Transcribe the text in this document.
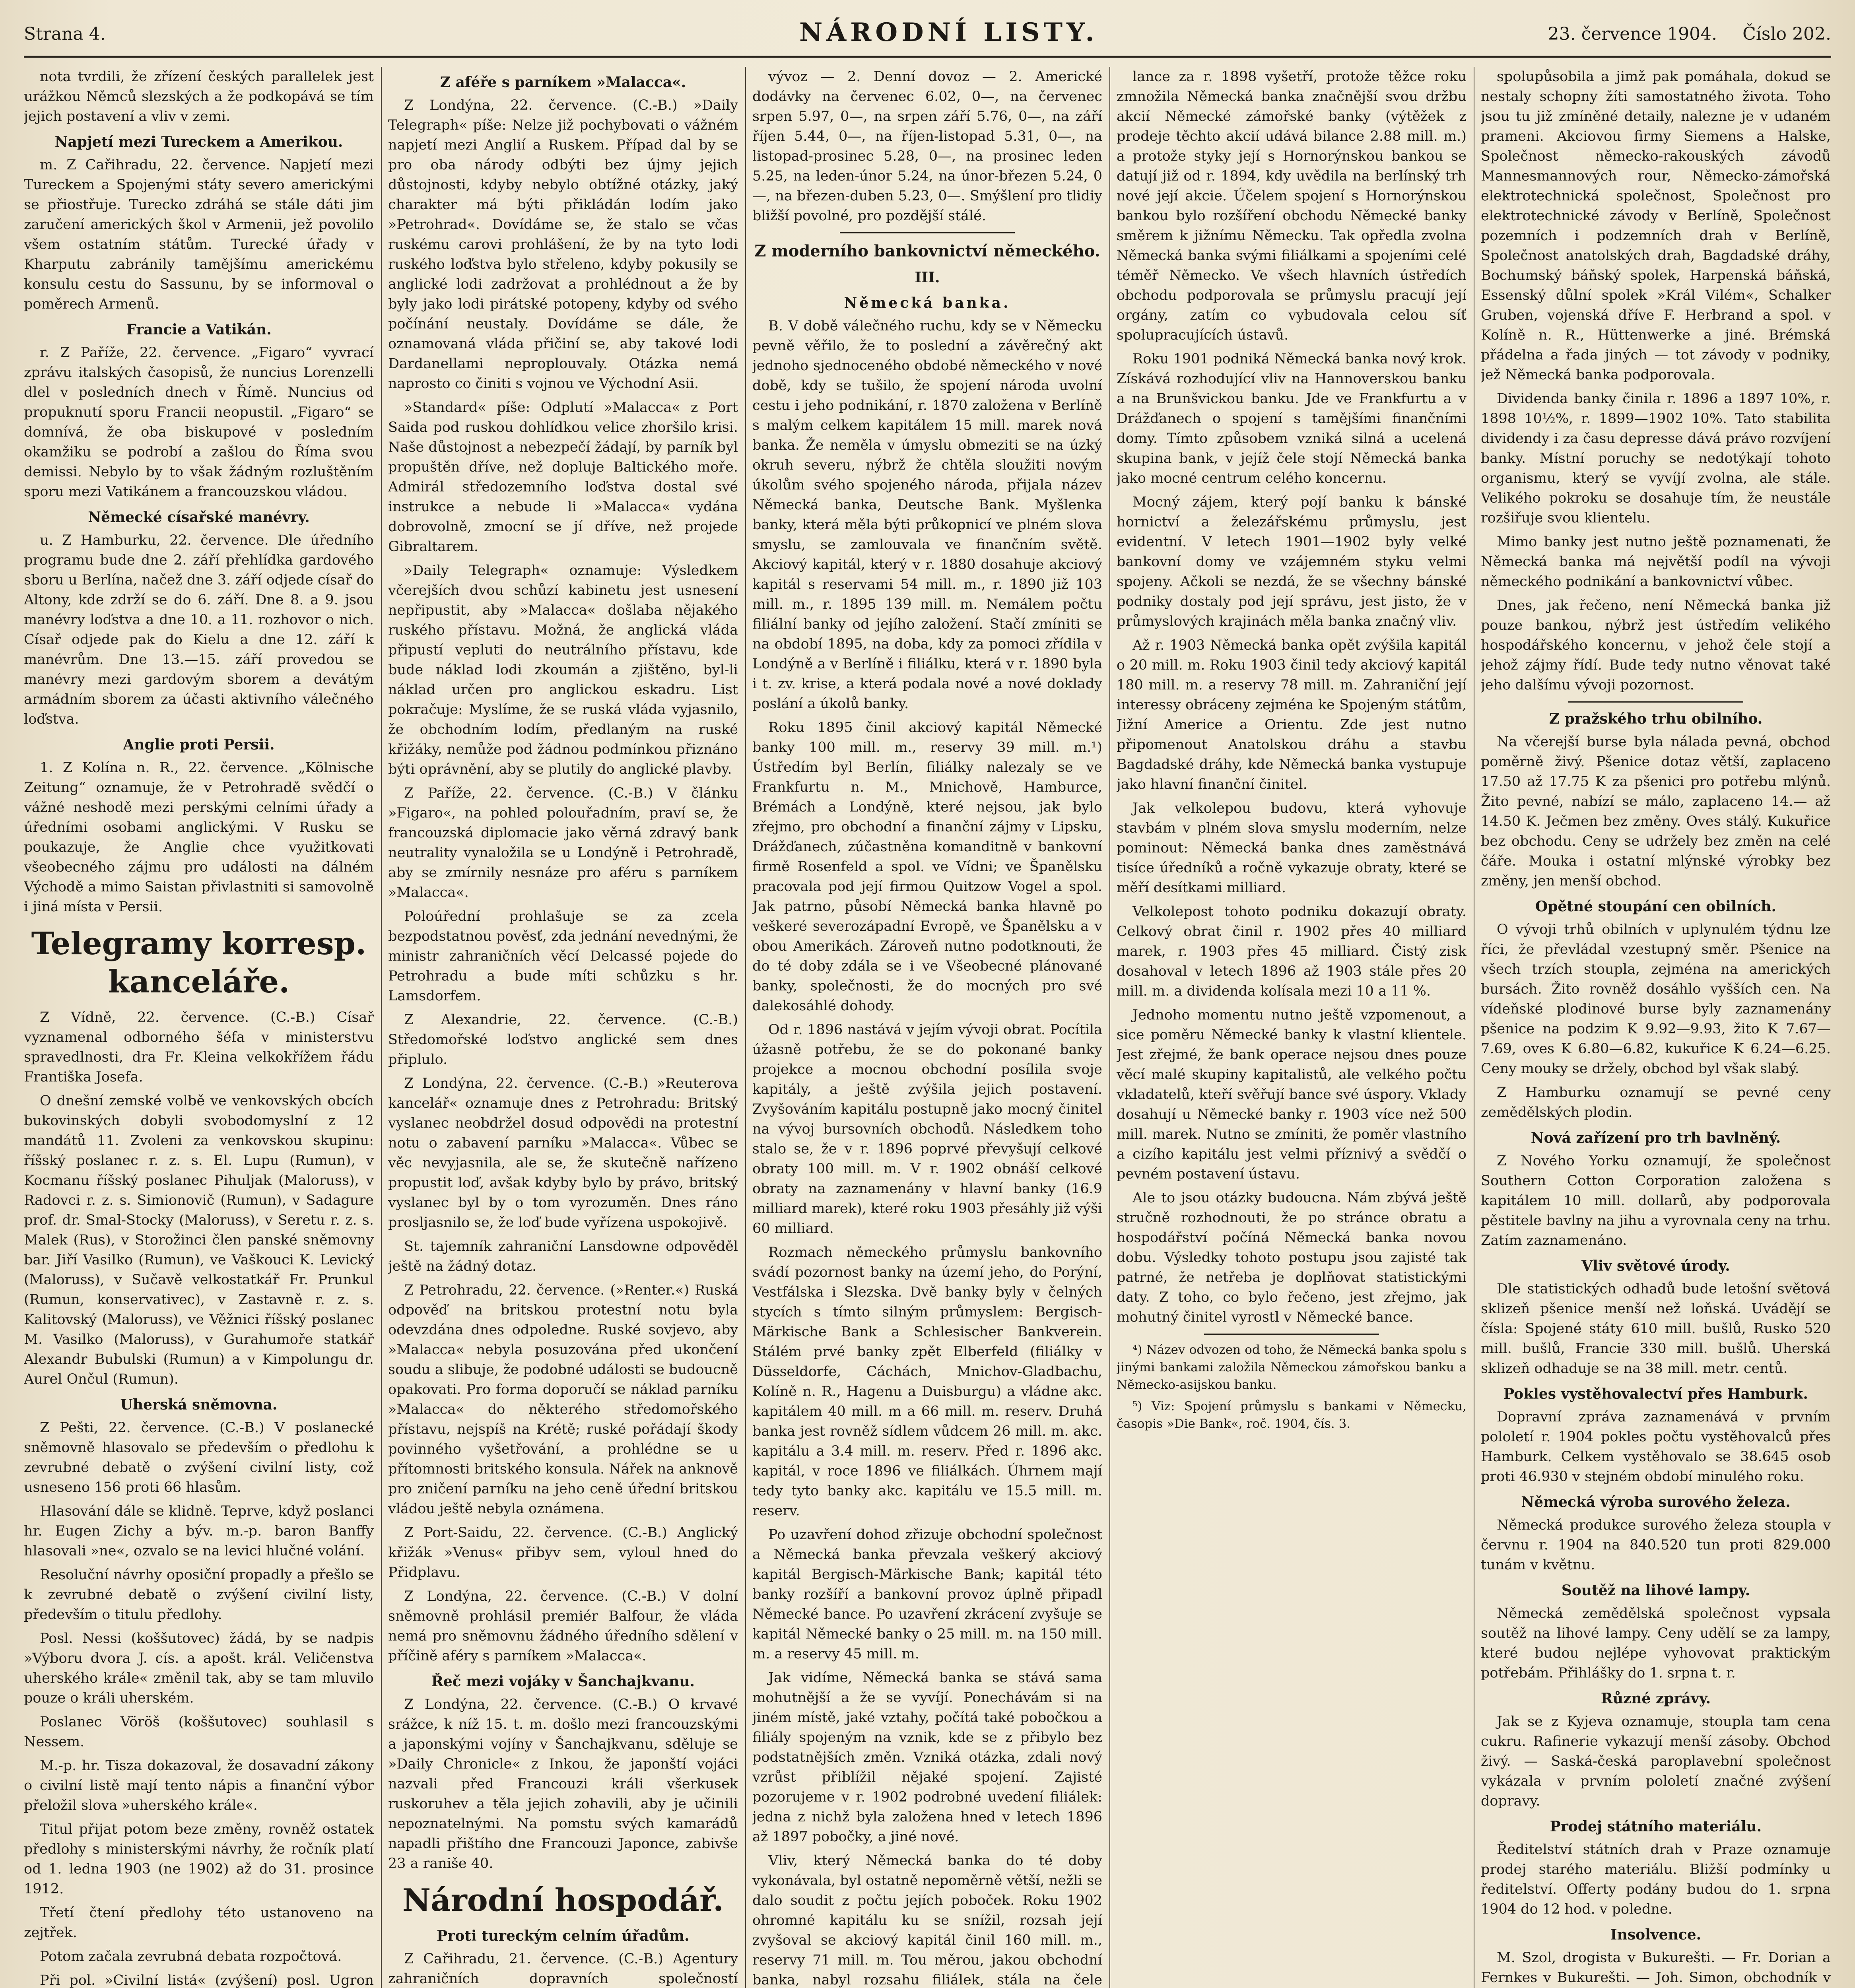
Strana 4.	NÁRODNÍ LISTY.	23. července 1904. Číslo 202.

nota tvrdili, že zřízení českých parallelek jest urážkou Němců slezských a že podkopává se tím jejich postavení a vliv v zemi.

Napjetí mezi Tureckem a Amerikou.

m. Z Cařihradu, 22. července. Napjetí mezi Tureckem a Spojenými státy severo americkými se přiostřuje. Turecko zdráhá se stále dáti jim zaručení amerických škol v Armenii, jež povolilo všem ostatním státům. Turecké úřady v Kharputu zabránily tamějšímu americkému konsulu cestu do Sassunu, by se informoval o poměrech Armenů.

Francie a Vatikán.

r. Z Paříže, 22. července. „Figaro“ vyvrací zprávu italských časopisů, že nuncius Lorenzelli dlel v posledních dnech v Římě. Nuncius od propuknutí sporu Francii neopustil. „Figaro“ se domnívá, že oba biskupové v posledním okamžiku se podrobí a zašlou do Říma svou demissi. Nebylo by to však žádným rozluštěním sporu mezi Vatikánem a francouzskou vládou.

Německé císařské manévry.

u. Z Hamburku, 22. července. Dle úředního programu bude dne 2. září přehlídka gardového sboru u Berlína, načež dne 3. září odjede císař do Altony, kde zdrží se do 6. září. Dne 8. a 9. jsou manévry loďstva a dne 10. a 11. rozhovor o nich. Císař odjede pak do Kielu a dne 12. září k manévrům. Dne 13.—15. září provedou se manévry mezi gardovým sborem a devátým armádním sborem za účasti aktivního válečného loďstva.

Anglie proti Persii.

1. Z Kolína n. R., 22. července. „Kölnische Zeitung“ oznamuje, že v Petrohradě svědčí o vážné neshodě mezi perskými celními úřady a úředními osobami anglickými. V Rusku se poukazuje, že Anglie chce využitkovati všeobecného zájmu pro události na dálném Východě a mimo Saistan přivlastniti si samovolně i jiná místa v Persii.

Telegramy korresp. kanceláře.

Z Vídně, 22. července. (C.-B.) Císař vyznamenal odborného šéfa v ministerstvu spravedlnosti, dra Fr. Kleina velkokřížem řádu Františka Josefa.

O dnešní zemské volbě ve venkovských obcích bukovinských dobyli svobodomyslní z 12 mandátů 11. Zvoleni za venkovskou skupinu: říšský poslanec r. z. s. El. Lupu (Rumun), v Kocmanu říšský poslanec Pihuljak (Maloruss), v Radovci r. z. s. Simionovič (Rumun), v Sadagure prof. dr. Smal-Stocky (Maloruss), v Seretu r. z. s. Malek (Rus), v Storožinci člen panské sněmovny bar. Jiří Vasilko (Rumun), ve Vaškouci K. Levický (Maloruss), v Sučavě velkostatkář Fr. Prunkul (Rumun, konservativec), v Zastavně r. z. s. Kalitovský (Maloruss), ve Věžnici říšský poslanec M. Vasilko (Maloruss), v Gurahumoře statkář Alexandr Bubulski (Rumun) a v Kimpolungu dr. Aurel Ončul (Rumun).

Uherská sněmovna.

Z Pešti, 22. července. (C.-B.) V poslanecké sněmovně hlasovalo se především o předlohu k zevrubné debatě o zvýšení civilní listy, což usneseno 156 proti 66 hlasům.

Hlasování dále se klidně. Teprve, když poslanci hr. Eugen Zichy a býv. m.-p. baron Banffy hlasovali »ne«, ozvalo se na levici hlučné volání.

Resoluční návrhy oposiční propadly a přešlo se k zevrubné debatě o zvýšení civilní listy, především o titulu předlohy.

Posl. Nessi (koššutovec) žádá, by se nadpis »Výboru dvora J. cís. a apošt. král. Veličenstva uherského krále« změnil tak, aby se tam mluvilo pouze o králi uherském.

Poslanec Vöröš (koššutovec) souhlasil s Nessem.

M.-p. hr. Tisza dokazoval, že dosavadní zákony o civilní listě mají tento nápis a finanční výbor přeložil slova »uherského krále«.

Titul přijat potom beze změny, rovněž ostatek předlohy s ministerskými návrhy, že ročník platí od 1. ledna 1903 (ne 1902) až do 31. prosince 1912.

Třetí čtení předlohy této ustanoveno na zejtřek.

Potom začala zevrubná debata rozpočtová.

Při pol. »Civilní listá« (zvýšení) posl. Ugron

Z aféře s parníkem »Malacca«.

Z Londýna, 22. července. (C.-B.) »Daily Telegraph« píše: Nelze již pochybovati o vážném napjetí mezi Anglií a Ruskem. Případ dal by se pro oba národy odbýti bez újmy jejich důstojnosti, kdyby nebylo obtížné otázky, jaký charakter má býti přikládán lodím jako »Petrohrad«. Dovídáme se, že stalo se včas ruskému carovi prohlášení, že by na tyto lodi ruského loďstva bylo střeleno, kdyby pokusily se anglické lodi zadržovat a prohlédnout a že by byly jako lodi pirátské potopeny, kdyby od svého počínání neustaly. Dovídáme se dále, že oznamovaná vláda přičiní se, aby takové lodi Dardanellami neproplouvaly. Otázka nemá naprosto co činiti s vojnou ve Východní Asii.

»Standard« píše: Odplutí »Malacca« z Port Saida pod ruskou dohlídkou velice zhoršilo krisi. Naše důstojnost a nebezpečí žádají, by parník byl propuštěn dříve, než dopluje Baltického moře. Admirál středozemního loďstva dostal své instrukce a nebude li »Malacca« vydána dobrovolně, zmocní se jí dříve, než projede Gibraltarem.

»Daily Telegraph« oznamuje: Výsledkem včerejších dvou schůzí kabinetu jest usnesení nepřipustit, aby »Malacca« došlaba nějakého ruského přístavu. Možná, že anglická vláda připustí vepluti do neutrálního přístavu, kde bude náklad lodi zkoumán a zjištěno, byl-li náklad určen pro anglickou eskadru. List pokračuje: Myslíme, že se ruská vláda vyjasnilo, že obchodním lodím, předlaným na ruské křižáky, nemůže pod žádnou podmínkou přiznáno býti oprávnění, aby se plutily do anglické plavby.

Z Paříže, 22. července. (C.-B.) V článku »Figaro«, na pohled polouřadním, praví se, že francouzská diplomacie jako věrná zdravý bank neutrality vynaložila se u Londýně i Petrohradě, aby se zmírnily nesnáze pro aféru s parníkem »Malacca«.

Poloúřední prohlašuje se za zcela bezpodstatnou pověsť, zda jednání nevednými, že ministr zahraničních věcí Delcassé pojede do Petrohradu a bude míti schůzku s hr. Lamsdorfem.

Z Alexandrie, 22. července. (C.-B.) Středomořské loďstvo anglické sem dnes připlulo.

Z Londýna, 22. července. (C.-B.) »Reuterova kancelář« oznamuje dnes z Petrohradu: Britský vyslanec neobdržel dosud odpovědi na protestní notu o zabavení parníku »Malacca«. Vůbec se věc nevyjasnila, ale se, že skutečně nařízeno propustit loď, avšak kdyby bylo by právo, britský vyslanec byl by o tom vyrozuměn. Dnes ráno prosljasnilo se, že loď bude vyřízena uspokojivě.

St. tajemník zahraniční Lansdowne odpověděl ještě na žádný dotaz.

Z Petrohradu, 22. července. (»Renter.«) Ruská odpověď na britskou protestní notu byla odevzdána dnes odpoledne. Ruské sovjevo, aby »Malacca« nebyla posuzována před ukončení soudu a slibuje, že podobné události se budoucně opakovati. Pro forma doporučí se náklad parníku »Malacca« do některého středomořského přístavu, nejspíš na Krétě; ruské pořádají škody povinného vyšetřování, a prohlédne se u přítomnosti britského konsula. Nářek na anknově pro zničení parníku na jeho ceně úřední britskou vládou ještě nebyla oznámena.

Z Port-Saidu, 22. července. (C.-B.) Anglický křižák »Venus« přibyv sem, vyloul hned do Přidplavu.

Z Londýna, 22. července. (C.-B.) V dolní sněmovně prohlásil premiér Balfour, že vláda nemá pro sněmovnu žádného úředního sdělení v příčině aféry s parníkem »Malacca«.

Řeč mezi vojáky v Šanchajkvanu.

Z Londýna, 22. července. (C.-B.) O krvavé srážce, k níž 15. t. m. došlo mezi francouzskými a japonskými vojíny v Šanchajkvanu, sděluje se »Daily Chronicle« z Inkou, že japonští vojáci nazvali před Francouzi králi všerkusek ruskoruhev a těla jejich zohavili, aby je učinili nepoznatelnými. Na pomstu svých kamarádů napadli přištího dne Francouzi Japonce, zabivše 23 a raniše 40.

Národní hospodář.
Proti tureckým celním úřadům.

Z Cařihradu, 21. července. (C.-B.) Agentury zahraničních dopravních společností

vývoz — 2. Denní dovoz — 2. Americké dodávky na červenec 6.02, 0—, na červenec srpen 5.97, 0—, na srpen září 5.76, 0—, na září říjen 5.44, 0—, na říjen-listopad 5.31, 0—, na listopad-prosinec 5.28, 0—, na prosinec leden 5.25, na leden-únor 5.24, na únor-březen 5.24, 0—, na březen-duben 5.23, 0—. Smýšlení pro tlidiy bližší povolné, pro pozdější stálé.

Z moderního bankovnictví německého.
III.
Německá banka.

B. V době válečného ruchu, kdy se v Německu pevně věřilo, že to poslední a závěrečný akt jednoho sjednoceného obdobé německého v nové době, kdy se tušilo, že spojení národa uvolní cestu i jeho podnikání, r. 1870 založena v Berlíně s malým celkem kapitálem 15 mill. marek nová banka. Že neměla v úmyslu obmeziti se na úzký okruh severu, nýbrž že chtěla sloužiti novým úkolům svého spojeného národa, přijala název Německá banka, Deutsche Bank. Myšlenka banky, která měla býti průkopnicí ve plném slova smyslu, se zamlouvala ve finančním světě. Akciový kapitál, který v r. 1880 dosahuje akciový kapitál s reservami 54 mill. m., r. 1890 již 103 mill. m., r. 1895 139 mill. m. Nemálem počtu filiální banky od jejího založení. Stačí zmíniti se na období 1895, na doba, kdy za pomoci zřídila v Londýně a v Berlíně i filiálku, která v r. 1890 byla i t. zv. krise, a která podala nové a nové doklady poslání a úkolů banky.

Roku 1895 činil akciový kapitál Německé banky 100 mill. m., reservy 39 mill. m.¹) Ústředím byl Berlín, filiálky nalezaly se ve Frankfurtu n. M., Mnichově, Hamburce, Brémách a Londýně, které nejsou, jak bylo zřejmo, pro obchodní a finanční zájmy v Lipsku, Drážďanech, zúčastněna komanditně v bankovní firmě Rosenfeld a spol. ve Vídni; ve Španělsku pracovala pod její firmou Quitzow Vogel a spol. Jak patrno, působí Německá banka hlavně po veškeré severozápadní Evropě, ve Španělsku a v obou Amerikách. Zároveň nutno podotknouti, že do té doby zdála se i ve Všeobecné plánované banky, společnosti, že do mocných pro své dalekosáhlé dohody.

Od r. 1896 nastává v jejím vývoji obrat. Pocítila úžasně potřebu, že se do pokonané banky projekce a mocnou obchodní posílila svoje kapitály, a ještě zvýšila jejich postavení. Zvyšováním kapitálu postupně jako mocný činitel na vývoj bursovních obchodů. Následkem toho stalo se, že v r. 1896 poprvé převyšují celkové obraty 100 mill. m. V r. 1902 obnáší celkové obraty na zaznamenány v hlavní banky (16.9 milliard marek), které roku 1903 přesáhly již výši 60 milliard.

Rozmach německého průmyslu bankovního svádí pozornost banky na území jeho, do Porýní, Vestfálska i Slezska. Dvě banky byly v čelných stycích s tímto silným průmyslem: Bergisch-Märkische Bank a Schlesischer Bankverein. Stálém prvé banky zpět Elberfeld (filiálky v Düsseldorfe, Cáchách, Mnichov-Gladbachu, Kolíně n. R., Hagenu a Duisburgu) a vládne akc. kapitálem 40 mill. m a 66 mill. m. reserv. Druhá banka jest rovněž sídlem vůdcem 26 mill. m. akc. kapitálu a 3.4 mill. m. reserv. Před r. 1896 akc. kapitál, v roce 1896 ve filiálkách. Úhrnem mají tedy tyto banky akc. kapitálu ve 15.5 mill. m. reserv.

Po uzavření dohod zřizuje obchodní společnost a Německá banka převzala veškerý akciový kapitál Bergisch-Märkische Bank; kapitál této banky rozšíří a bankovní provoz úplně připadl Německé bance. Po uzavření zkrácení zvyšuje se kapitál Německé banky o 25 mill. m. na 150 mill. m. a reservy 45 mill. m.

Jak vidíme, Německá banka se stává sama mohutnější a že se vyvíjí. Ponechávám si na jiném místě, jaké vztahy, počítá také pobočkou a filiály spojeným na vznik, kde se z přibylo bez podstatnějších změn. Vzniká otázka, zdali nový vzrůst přiblížil nějaké spojení. Zajisté pozorujeme v r. 1902 podrobné uvedení filiálek: jedna z nichž byla založena hned v letech 1896 až 1897 pobočky, a jiné nové.

Vliv, který Německá banka do té doby vykonávala, byl ostatně nepoměrně větší, nežli se dalo soudit z počtu jejích poboček. Roku 1902 ohromné kapitálu ku se snížil, rozsah její zvyšoval se akciový kapitál činil 160 mill. m., reservy 71 mill. m. Tou měrou, jakou obchodní banka, nabyl rozsahu filiálek, stála na čele

lance za r. 1898 vyšetří, protože těžce roku zmnožila Německá banka značnější svou držbu akcií Německé zámořské banky (výtěžek z prodeje těchto akcií udává bilance 2.88 mill. m.) a protože styky její s Hornorýnskou bankou se datují již od r. 1894, kdy uvědila na berlínský trh nové její akcie. Účelem spojení s Hornorýnskou bankou bylo rozšíření obchodu Německé banky směrem k jižnímu Německu. Tak opředla zvolna Německá banka svými filiálkami a spojeními celé téměř Německo. Ve všech hlavních ústředích obchodu podporovala se průmyslu pracují její orgány, zatím co vybudovala celou síť spolupracujících ústavů.

Roku 1901 podniká Německá banka nový krok. Získává rozhodující vliv na Hannoverskou banku a na Brunšvickou banku. Jde ve Frankfurtu a v Drážďanech o spojení s tamějšími finančními domy. Tímto způsobem vzniká silná a ucelená skupina bank, v jejíž čele stojí Německá banka jako mocné centrum celého koncernu.

Mocný zájem, který pojí banku k bánské hornictví a železářskému průmyslu, jest evidentní. V letech 1901—1902 byly velké bankovní domy ve vzájemném styku velmi spojeny. Ačkoli se nezdá, že se všechny bánské podniky dostaly pod její správu, jest jisto, že v průmyslových krajinách měla banka značný vliv.

Až r. 1903 Německá banka opět zvýšila kapitál o 20 mill. m. Roku 1903 činil tedy akciový kapitál 180 mill. m. a reservy 78 mill. m. Zahraniční její interessy obráceny zejména ke Spojeným státům, Jižní Americe a Orientu. Zde jest nutno připomenout Anatolskou dráhu a stavbu Bagdadské dráhy, kde Německá banka vystupuje jako hlavní finanční činitel.

Jak velkolepou budovu, která vyhovuje stavbám v plném slova smyslu moderním, nelze pominout: Německá banka dnes zaměstnává tisíce úředníků a ročně vykazuje obraty, které se měří desítkami milliard.

Velkolepost tohoto podniku dokazují obraty. Celkový obrat činil r. 1902 přes 40 milliard marek, r. 1903 přes 45 milliard. Čistý zisk dosahoval v letech 1896 až 1903 stále přes 20 mill. m. a dividenda kolísala mezi 10 a 11 %.

Jednoho momentu nutno ještě vzpomenout, a sice poměru Německé banky k vlastní klientele. Jest zřejmé, že bank operace nejsou dnes pouze věcí malé skupiny kapitalistů, ale velkého počtu vkladatelů, kteří svěřují bance své úspory. Vklady dosahují u Německé banky r. 1903 více než 500 mill. marek. Nutno se zmíniti, že poměr vlastního a cizího kapitálu jest velmi příznivý a svědčí o pevném postavení ústavu.

Ale to jsou otázky budoucna. Nám zbývá ještě stručně rozhodnouti, že po stránce obratu a hospodářství počíná Německá banka novou dobu. Výsledky tohoto postupu jsou zajisté tak patrné, že netřeba je doplňovat statistickými daty. Z toho, co bylo řečeno, jest zřejmo, jak mohutný činitel vyrostl v Německé bance.

⁴) Název odvozen od toho, že Německá banka spolu s jinými bankami založila Německou zámořskou banku a Německo-asijskou banku.

⁵) Viz: Spojení průmyslu s bankami v Německu, časopis »Die Bank«, roč. 1904, čís. 3.

spolupůsobila a jimž pak pomáhala, dokud se nestaly schopny žíti samostatného života. Toho jsou tu již zmíněné detaily, nalezne je v udaném prameni. Akciovou firmy Siemens a Halske, Společnost německo-rakouských závodů Mannesmannových rour, Německo-zámořská elektrotechnická společnost, Společnost pro elektrotechnické závody v Berlíně, Společnost pozemních i podzemních drah v Berlíně, Společnost anatolských drah, Bagdadské dráhy, Bochumský báňský spolek, Harpenská báňská, Essenský důlní spolek »Král Vilém«, Schalker Gruben, vojenská dříve F. Herbrand a spol. v Kolíně n. R., Hüttenwerke a jiné. Brémská přádelna a řada jiných — tot závody v podniky, jež Německá banka podporovala.

Dividenda banky činila r. 1896 a 1897 10%, r. 1898 10½%, r. 1899—1902 10%. Tato stabilita dividendy i za času depresse dává právo rozvíjení banky. Místní poruchy se nedotýkají tohoto organismu, který se vyvíjí zvolna, ale stále. Velikého pokroku se dosahuje tím, že neustále rozšiřuje svou klientelu.

Mimo banky jest nutno ještě poznamenati, že Německá banka má největší podíl na vývoji německého podnikání a bankovnictví vůbec.

Dnes, jak řečeno, není Německá banka již pouze bankou, nýbrž jest ústředím velikého hospodářského koncernu, v jehož čele stojí a jehož zájmy řídí. Bude tedy nutno věnovat také jeho dalšímu vývoji pozornost.

Z pražského trhu obilního.

Na včerejší burse byla nálada pevná, obchod poměrně živý. Pšenice dotaz větší, zaplaceno 17.50 až 17.75 K za pšenici pro potřebu mlýnů. Žito pevné, nabízí se málo, zaplaceno 14.— až 14.50 K. Ječmen bez změny. Oves stálý. Kukuřice bez obchodu. Ceny se udržely bez změn na celé čáře. Mouka i ostatní mlýnské výrobky bez změny, jen menší obchod.

Opětné stoupání cen obilních.

O vývoji trhů obilních v uplynulém týdnu lze říci, že převládal vzestupný směr. Pšenice na všech trzích stoupla, zejména na amerických bursách. Žito rovněž dosáhlo vyšších cen. Na vídeňské plodinové burse byly zaznamenány pšenice na podzim K 9.92—9.93, žito K 7.67—7.69, oves K 6.80—6.82, kukuřice K 6.24—6.25. Ceny mouky se držely, obchod byl však slabý.

Z Hamburku oznamují se pevné ceny zemědělských plodin.

Nová zařízení pro trh bavlněný.

Z Nového Yorku oznamují, že společnost Southern Cotton Corporation založena s kapitálem 10 mill. dollarů, aby podporovala pěstitele bavlny na jihu a vyrovnala ceny na trhu. Zatím zaznamenáno.

Vliv světové úrody.

Dle statistických odhadů bude letošní světová sklizeň pšenice menší než loňská. Uvádějí se čísla: Spojené státy 610 mill. bušlů, Rusko 520 mill. bušlů, Francie 330 mill. bušlů. Uherská sklizeň odhaduje se na 38 mill. metr. centů.

Pokles vystěhovalectví přes Hamburk.

Dopravní zpráva zaznamenává v prvním pololetí r. 1904 pokles počtu vystěhovalců přes Hamburk. Celkem vystěhovalo se 38.645 osob proti 46.930 v stejném období minulého roku.

Německá výroba surového železa.

Německá produkce surového železa stoupla v červnu r. 1904 na 840.520 tun proti 829.000 tunám v květnu.

Soutěž na lihové lampy.

Německá zemědělská společnost vypsala soutěž na lihové lampy. Ceny udělí se za lampy, které budou nejlépe vyhovovat praktickým potřebám. Přihlášky do 1. srpna t. r.

Různé zprávy.

Jak se z Kyjeva oznamuje, stoupla tam cena cukru. Rafinerie vykazují menší zásoby. Obchod živý. — Saská-česká paroplavební společnost vykázala v prvním pololetí značné zvýšení dopravy.

Prodej státního materiálu.

Ředitelství státních drah v Praze oznamuje prodej starého materiálu. Bližší podmínky u ředitelství. Offerty podány budou do 1. srpna 1904 do 12 hod. v poledne.

Insolvence.

M. Szol, drogista v Bukurešti. — Fr. Dorian a Fernkes v Bukurešti. — Joh. Simon, obchodník v
